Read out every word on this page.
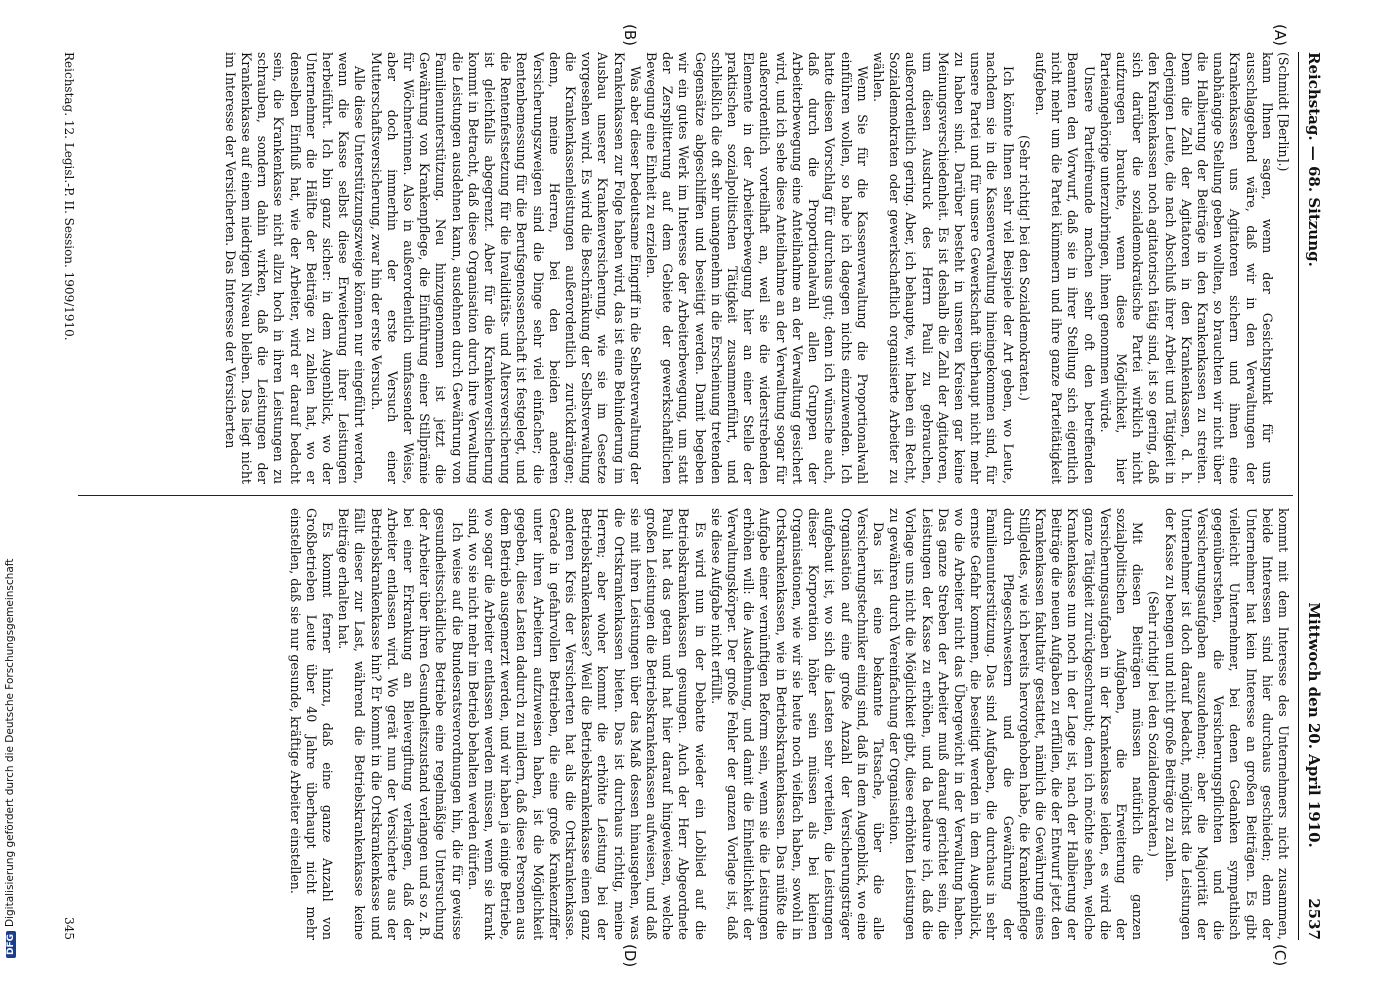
DFGDigitalisierung gefördert durch die Deutsche Forschungsgemeinschaft
Reichstag. — 68. Sitzung.
Mittwoch den 20. April 1910.  2537
(A)
(B)
(C)
(D)

(Schmidt [Berlin].)

kann Ihnen sagen, wenn der Gesichtspunkt für uns ausschlaggebend wäre, daß wir in den Verwaltungen der Krankenkassen uns Agitatoren sichern und ihnen eine unabhängige Stellung geben wollten, so brauchten wir nicht über die Halbierung der Beiträge in den Krankenkassen zu streiten. Denn die Zahl der Agitatoren in den Krankenkassen, d. h. derjenigen Leute, die nach Abschluß ihrer Arbeit und Tätigkeit in den Krankenkassen noch agitatorisch tätig sind, ist so gering, daß sich darüber die sozialdemokratische Partei wirklich nicht aufzuregen brauchte, wenn diese Möglichkeit, hier Parteiangehörige unterzubringen, ihnen genommen würde.

Unsere Parteifreunde machen sehr oft den betreffenden Beamten den Vorwurf, daß sie in ihrer Stellung sich eigentlich nicht mehr um die Partei kümmern und ihre ganze Parteitätigkeit aufgeben.

(Sehr richtig! bei den Sozialdemokraten.)

Ich könnte Ihnen sehr viel Beispiele der Art geben, wo Leute, nachdem sie in die Kassenverwaltung hineingekommen sind, für unsere Partei und für unsere Gewerkschaft überhaupt nicht mehr zu haben sind. Darüber besteht in unseren Kreisen gar keine Meinungsverschiedenheit. Es ist deshalb die Zahl der Agitatoren, um diesen Ausdruck des Herrn Pauli zu gebrauchen, außerordentlich gering. Aber, ich behaupte, wir haben ein Recht, Sozialdemokraten oder gewerkschaftlich organisierte Arbeiter zu wählen.

Wenn Sie für die Kassenverwaltung die Proportionalwahl einführen wollen, so habe ich dagegen nichts einzuwenden. Ich hatte diesen Vorschlag für durchaus gut; denn ich wünsche auch, daß durch die Proportionalwahl allen Gruppen der Arbeiterbewegung eine Anteilnahme an der Verwaltung gesichert wird, und ich sehe diese Anteilnahme an der Verwaltung sogar für außerordentlich vorteilhaft an, weil sie die widerstrebenden Elemente in der Arbeiterbewegung hier an einer Stelle der praktischen sozialpolitischen Tätigkeit zusammenführt, und schließlich die oft sehr unangenehm in die Erscheinung tretenden Gegensätze abgeschliffen und beseitigt werden. Damit begeben wir ein gutes Werk im Interesse der Arbeiterbewegung, um statt der Zersplitterung auf dem Gebiete der gewerkschaftlichen Bewegung eine Einheit zu erzielen.

Was aber dieser bedeutsame Eingriff in die Selbstverwaltung der Krankenkassen zur Folge haben wird, das ist eine Behinderung im Ausbau unserer Krankenversicherung, wie sie im Gesetze vorgesehen wird. Es wird die Beschränkung der Selbstverwaltung die Krankenkassenleistungen außerordentlich zurückdrängen; denn, meine Herren, bei den beiden anderen Versicherungszweigen sind die Dinge sehr viel einfacher; die Rentenbemessung für die Berufsgenossenschaft ist festgelegt, und die Rentenfestsetzung für die Invaliditäts- und Altersversicherung ist gleichfalls abgegrenzt. Aber für die Krankenversicherung kommt in Betracht, daß diese Organisation durch ihre Verwaltung die Leistungen ausdehnen kann, ausdehnen durch Gewährung von Familienunterstützung. Neu hinzugenommen ist jetzt die Gewährung von Krankenpflege, die Einführung einer Stillprämie für Wöchnerinnen. Also in außerordentlich umfassender Weise, aber doch immerhin der erste Versuch einer Mutterschaftsversicherung, zwar hin der erste Versuch.

Alle diese Unterstützungszweige können nur eingeführt werden, wenn die Kasse selbst diese Erweiterung ihrer Leistungen herbeiführt. Ich bin ganz sicher: in dem Augenblick, wo der Unternehmer die Hälfte der Beiträge zu zahlen hat, wo er denselben Einfluß hat, wie der Arbeiter, wird er darauf bedacht sein, die Krankenkasse nicht allzu hoch in ihren Leistungen zu schrauben, sondern dahin wirken, daß die Leistungen der Krankenkasse auf einem niedrigen Niveau bleiben. Das liegt nicht im Interesse der Versicherten. Das Interesse der Versicherten

kommt mit dem Interesse des Unternehmers nicht zusammen, beide Interessen sind hier durchaus geschieden; denn der Unternehmer hat kein Interesse an großen Beiträgen. Es gibt vielleicht Unternehmer, bei denen Gedanken sympathisch gegenüberstehen, die Versicherungspflichten und die Versicherungsaufgaben auszudehnen; aber die Majorität der Unternehmer ist doch darauf bedacht, möglichst die Leistungen der Kasse zu beengen und nicht große Beiträge zu zahlen.

(Sehr richtig! bei den Sozialdemokraten.)

Mit diesen Beiträgen müssen natürlich die ganzen sozialpolitischen Aufgaben, die Erweiterung der Versicherungsaufgaben in der Krankenkasse leiden, es wird die ganze Tätigkeit zurückgeschraubt; denn ich möchte sehen, welche Krankenkasse nun noch in der Lage ist, nach der Halbierung der Beiträge die neuen Aufgaben zu erfüllen, die der Entwurf jetzt den Krankenkassen fakultativ gestattet, nämlich die Gewährung eines Stillgeldes, wie ich bereits hervorgehoben habe, die Krankenpflege durch Pflegeschwestern und die Gewährung der Familienunterstützung. Das sind Aufgaben, die durchaus in sehr ernste Gefahr kommen, die beseitigt werden in dem Augenblick, wo die Arbeiter nicht das Übergewicht in der Verwaltung haben. Das ganze Streben der Arbeiter muß darauf gerichtet sein, die Leistungen der Kasse zu erhöhen, und da bedaure ich, daß die Vorlage uns nicht die Möglichkeit gibt, diese erhöhten Leistungen zu gewähren durch Vereinfachung der Organisation.

Das ist eine bekannte Tatsache, über die alle Versicherungstechniker einig sind, daß in dem Augenblick, wo eine Organisation auf eine große Anzahl der Versicherungsträger aufgebaut ist, wo sich die Lasten sehr verteilen, die Leistungen dieser Korporation höher sein müssen als bei kleinen Organisationen, wie wir sie heute noch vielfach haben, sowohl in Ortskrankenkassen, wie in Betriebskrankenkassen. Das müßte die Aufgabe einer vernünftigen Reform sein, wenn sie die Leistungen erhöhen will: die Ausdehnung, und damit die Einheitlichkeit der Verwaltungskörper. Der große Fehler der ganzen Vorlage ist, daß sie diese Aufgabe nicht erfüllt.

Es wird nun in der Debatte wieder ein Loblied auf die Betriebskrankenkassen gesungen. Auch der Herr Abgeordnete Pauli hat das getan und hat hier darauf hingewiesen, welche großen Leistungen die Betriebskrankenkassen aufweisen, und daß sie mit ihren Leistungen über das Maß dessen hinausgehen, was die Ortskrankenkassen bieten. Das ist durchaus richtig, meine Herren; aber woher kommt die erhöhte Leistung bei der Betriebskrankenkasse? Weil die Betriebskrankenkasse einen ganz anderen Kreis der Versicherten hat als die Ortskrankenkasse. Gerade in gefahrvollen Betrieben, die eine große Krankenziffer unter ihren Arbeitern aufzuweisen haben, ist die Möglichkeit gegeben, diese Lasten dadurch zu mildern, daß diese Personen aus dem Betrieb ausgemerzt werden, und wir haben ja einige Betriebe, wo sogar die Arbeiter entlassen werden müssen, wenn sie krank sind, wo sie nicht mehr im Betrieb behalten werden dürfen.

Ich weise auf die Bundesratsverordnungen hin, die für gewisse gesundheitsschädliche Betriebe eine regelmäßige Untersuchung der Arbeiter über ihren Gesundheitszustand verlangen und so z. B. bei einer Erkrankung an Bleivergiftung verlangen, daß der Arbeiter entlassen wird. Wo gerät nun der Versicherte aus der Betriebskrankenkasse hin? Er kommt in die Ortskrankenkasse und fällt dieser zur Last, während die Betriebskrankenkasse keine Beiträge erhalten hat.

Es kommt ferner hinzu, daß eine ganze Anzahl von Großbetrieben Leute über 40 Jahre überhaupt nicht mehr einstellen, daß sie nur gesunde, kräftige Arbeiter einstellen.

Reichstag. 12. Legisl.-P. II. Session. 1909/1910.
345
